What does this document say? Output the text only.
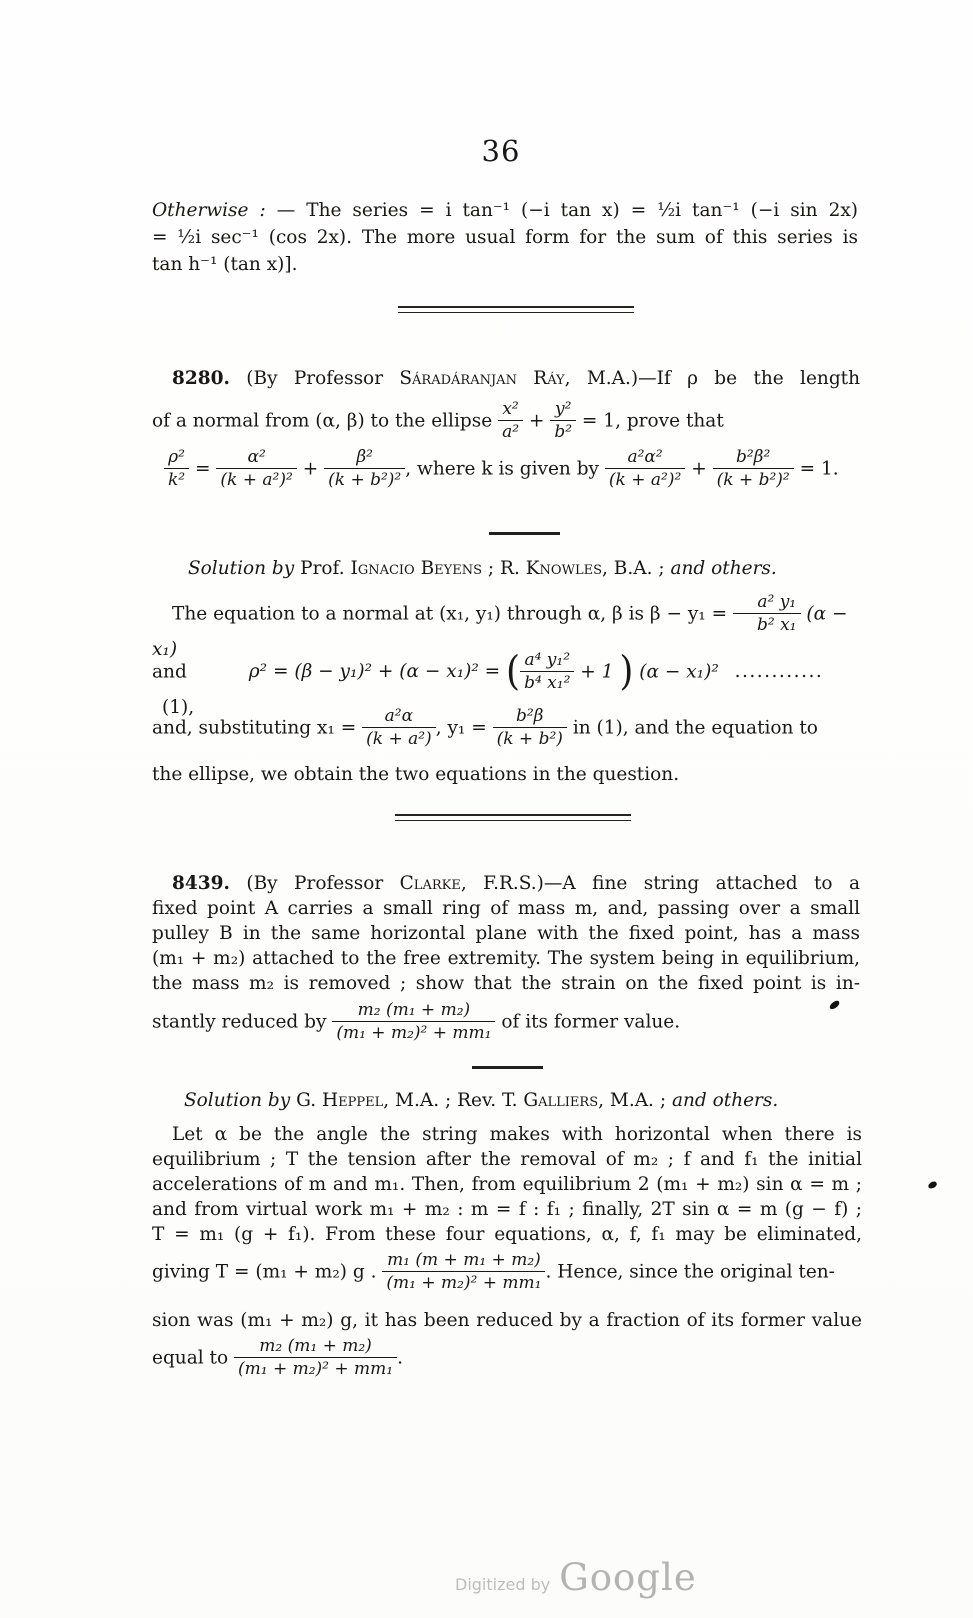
36
Otherwise : — The series = i tan⁻¹ (−i tan x) = ½i tan⁻¹ (−i sin 2x)
= ½i sec⁻¹ (cos 2x). The more usual form for the sum of this series is
tan h⁻¹ (tan x)].
8280. (By Professor Sáradáranjan Ráy, M.A.)—If ρ be the length
of a normal from (α, β) to the ellipse $\frac{\text{x²}}{\text{a²}} + \frac{\text{y²}}{\text{b²}} = 1$, prove that
$\frac{\text{ρ²}}{\text{k²}} = \frac{\text{α²}}{\text{(k + a²)²}} + \frac{\text{β²}}{\text{(k + b²)²}}$ , where k is given by $\frac{\text{a²α²}}{\text{(k + a²)²}} + \frac{\text{b²β²}}{\text{(k + b²)²}} = 1$.
Solution by Prof. Ignacio Beyens ; R. Knowles, B.A. ; and others.
The equation to a normal at (x₁, y₁) through α, β is $\beta - y_1 = \frac{\text{a² y₁}}{\text{b² x₁}} (\alpha - x_1)$
and	ρ² = (β − y₁)² + (α − x₁)² = ( $\frac{\text{a⁴ y₁²}}{\text{b⁴ x₁²}} + 1$ ) (α − x₁)² ............ (1),
and, substituting $x_1 = \frac{\text{a²α}}{\text{(k + a²)}}$ , $y_1 = \frac{\text{b²β}}{\text{(k + b²)}}$ in (1), and the equation to
the ellipse, we obtain the two equations in the question.
8439. (By Professor Clarke, F.R.S.)—A fine string attached to a
fixed point A carries a small ring of mass m, and, passing over a small
pulley B in the same horizontal plane with the fixed point, has a mass
(m₁ + m₂) attached to the free extremity. The system being in equilibrium,
the mass m₂ is removed ; show that the strain on the fixed point is in-
stantly reduced by $\frac{\text{m₂ (m₁ + m₂)}}{\text{(m₁ + m₂)² + mm₁}}$ of its former value.
Solution by G. Heppel, M.A. ; Rev. T. Galliers, M.A. ; and others.
Let α be the angle the string makes with horizontal when there is
equilibrium ; T the tension after the removal of m₂ ; f and f₁ the initial
accelerations of m and m₁. Then, from equilibrium 2 (m₁ + m₂) sin α = m ;
and from virtual work m₁ + m₂ : m = f : f₁ ; finally, 2T sin α = m (g − f) ;
T = m₁ (g + f₁). From these four equations, α, f, f₁ may be eliminated,
giving T = (m₁ + m₂) g . $\frac{\text{m₁ (m + m₁ + m₂)}}{\text{(m₁ + m₂)² + mm₁}}$ . Hence, since the original ten-
sion was (m₁ + m₂) g, it has been reduced by a fraction of its former value
equal to $\frac{\text{m₂ (m₁ + m₂)}}{\text{(m₁ + m₂)² + mm₁}}$ .
Digitized by Google
